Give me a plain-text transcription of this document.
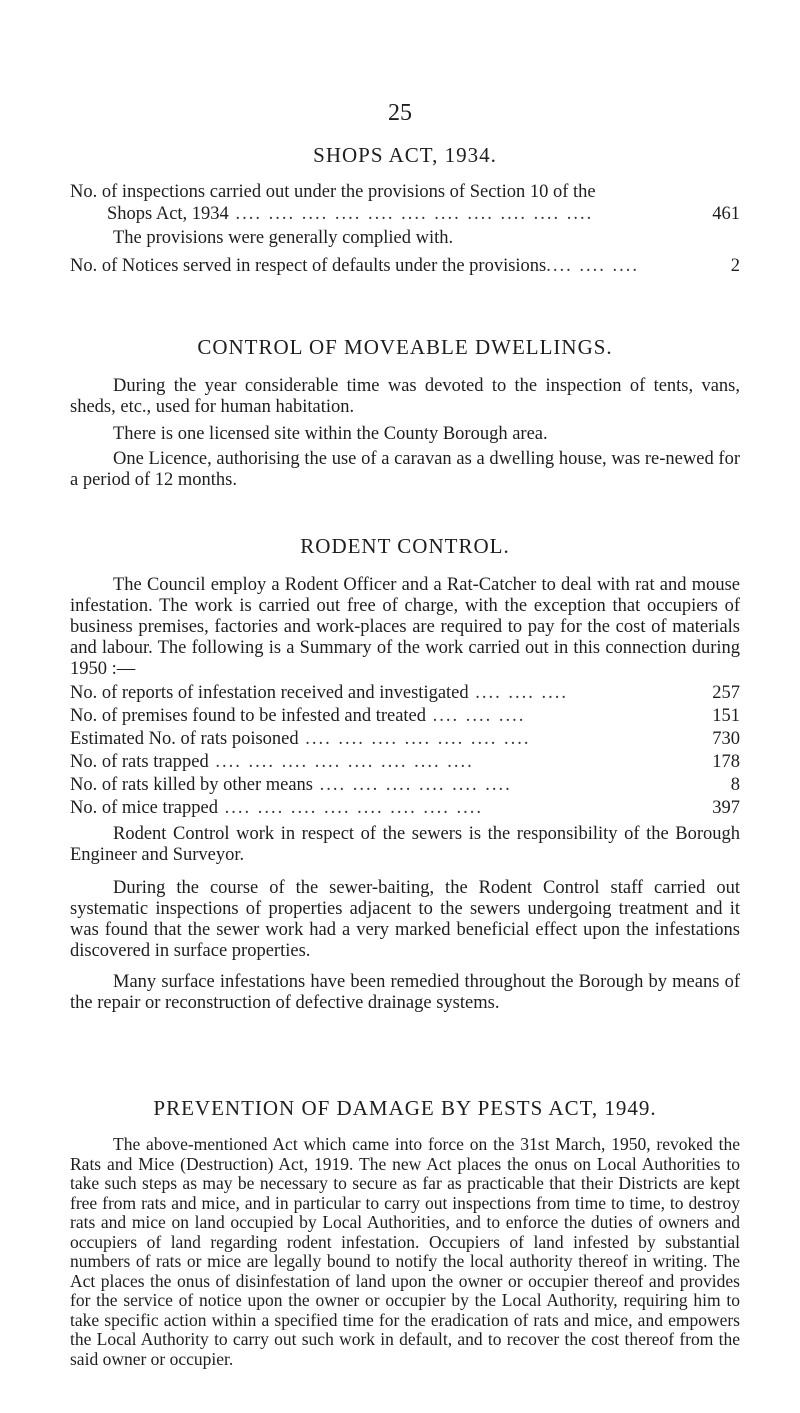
25
SHOPS ACT, 1934.

No. of inspections carried out under the provisions of Section 10 of the

Shops Act, 1934 .... .... .... .... .... .... .... .... .... .... ....	461

The provisions were generally complied with.

No. of Notices served in respect of defaults under the provisions.... .... ....	2
CONTROL OF MOVEABLE DWELLINGS.

During the year considerable time was devoted to the inspection of tents, vans, sheds, etc., used for human habitation.

There is one licensed site within the County Borough area.

One Licence, authorising the use of a caravan as a dwelling house, was re-newed for a period of 12 months.

RODENT CONTROL.

The Council employ a Rodent Officer and a Rat-Catcher to deal with rat and mouse infestation. The work is carried out free of charge, with the exception that occupiers of business premises, factories and work-places are required to pay for the cost of materials and labour. The following is a Summary of the work carried out in this connection during 1950 :—

No. of reports of infestation received and investigated .... .... ....	257
No. of premises found to be infested and treated .... .... ....	151
Estimated No. of rats poisoned .... .... .... .... .... .... ....	730
No. of rats trapped .... .... .... .... .... .... .... ....	178
No. of rats killed by other means .... .... .... .... .... ....	8
No. of mice trapped .... .... .... .... .... .... .... ....	397

Rodent Control work in respect of the sewers is the responsibility of the Borough Engineer and Surveyor.

During the course of the sewer-baiting, the Rodent Control staff carried out systematic inspections of properties adjacent to the sewers undergoing treatment and it was found that the sewer work had a very marked beneficial effect upon the infestations discovered in surface properties.

Many surface infestations have been remedied throughout the Borough by means of the repair or reconstruction of defective drainage systems.

PREVENTION OF DAMAGE BY PESTS ACT, 1949.

The above-mentioned Act which came into force on the 31st March, 1950, revoked the Rats and Mice (Destruction) Act, 1919. The new Act places the onus on Local Authorities to take such steps as may be necessary to secure as far as practicable that their Districts are kept free from rats and mice, and in particular to carry out inspections from time to time, to destroy rats and mice on land occupied by Local Authorities, and to enforce the duties of owners and occupiers of land regarding rodent infestation. Occupiers of land infested by substantial numbers of rats or mice are legally bound to notify the local authority thereof in writing. The Act places the onus of disinfestation of land upon the owner or occupier thereof and provides for the service of notice upon the owner or occupier by the Local Authority, requiring him to take specific action within a specified time for the eradication of rats and mice, and empowers the Local Authority to carry out such work in default, and to recover the cost thereof from the said owner or occupier.
